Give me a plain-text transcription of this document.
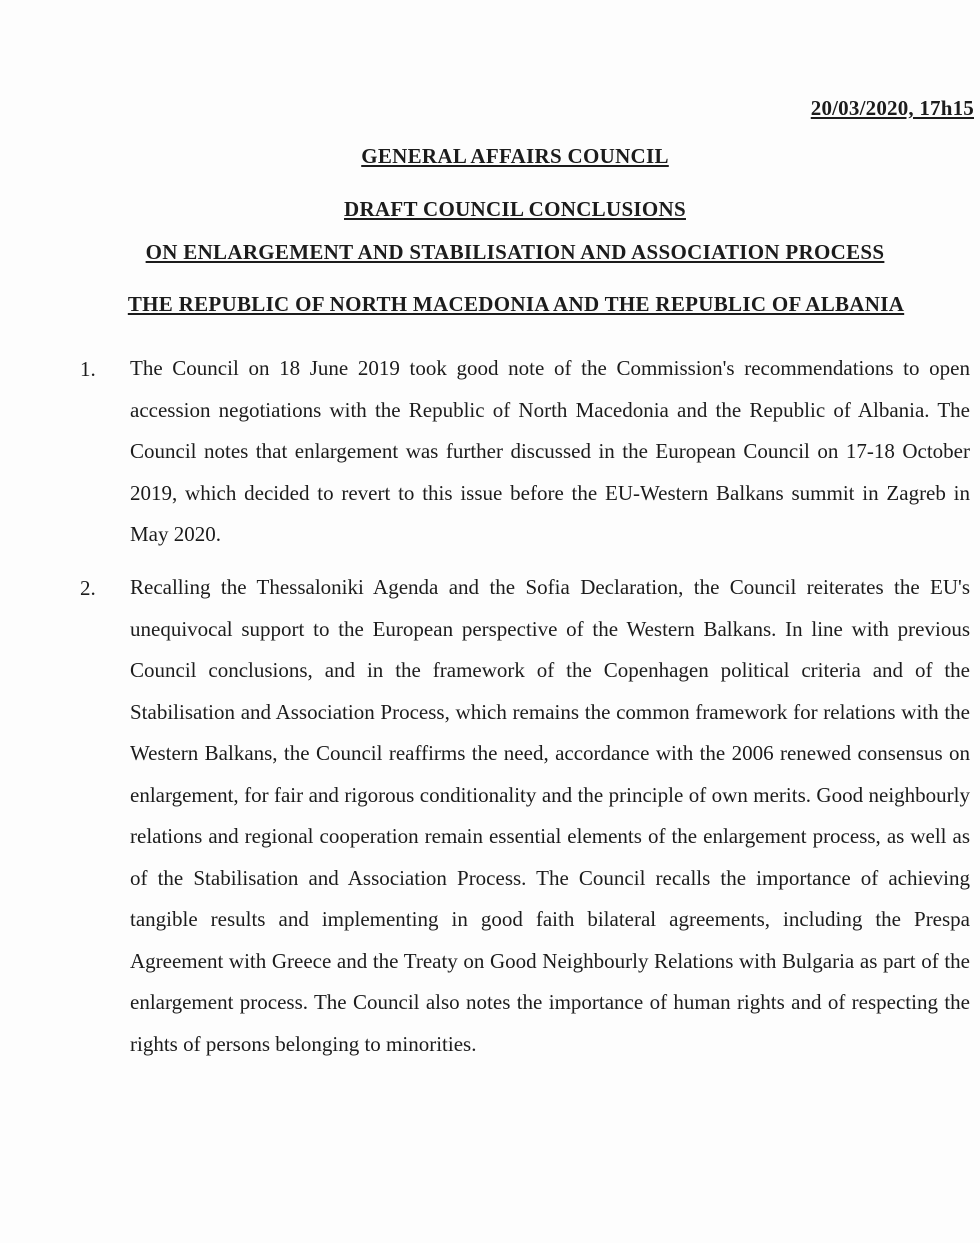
20/03/2020, 17h15
GENERAL AFFAIRS COUNCIL
DRAFT COUNCIL CONCLUSIONS
ON ENLARGEMENT AND STABILISATION AND ASSOCIATION PROCESS
THE REPUBLIC OF NORTH MACEDONIA AND THE REPUBLIC OF ALBANIA
1. The Council on 18 June 2019 took good note of the Commission's recommendations to open accession negotiations with the Republic of North Macedonia and the Republic of Albania. The Council notes that enlargement was further discussed in the European Council on 17-18 October 2019, which decided to revert to this issue before the EU-Western Balkans summit in Zagreb in May 2020.
2. Recalling the Thessaloniki Agenda and the Sofia Declaration, the Council reiterates the EU's unequivocal support to the European perspective of the Western Balkans. In line with previous Council conclusions, and in the framework of the Copenhagen political criteria and of the Stabilisation and Association Process, which remains the common framework for relations with the Western Balkans, the Council reaffirms the need, accordance with the 2006 renewed consensus on enlargement, for fair and rigorous conditionality and the principle of own merits. Good neighbourly relations and regional cooperation remain essential elements of the enlargement process, as well as of the Stabilisation and Association Process. The Council recalls the importance of achieving tangible results and implementing in good faith bilateral agreements, including the Prespa Agreement with Greece and the Treaty on Good Neighbourly Relations with Bulgaria as part of the enlargement process. The Council also notes the importance of human rights and of respecting the rights of persons belonging to minorities.
